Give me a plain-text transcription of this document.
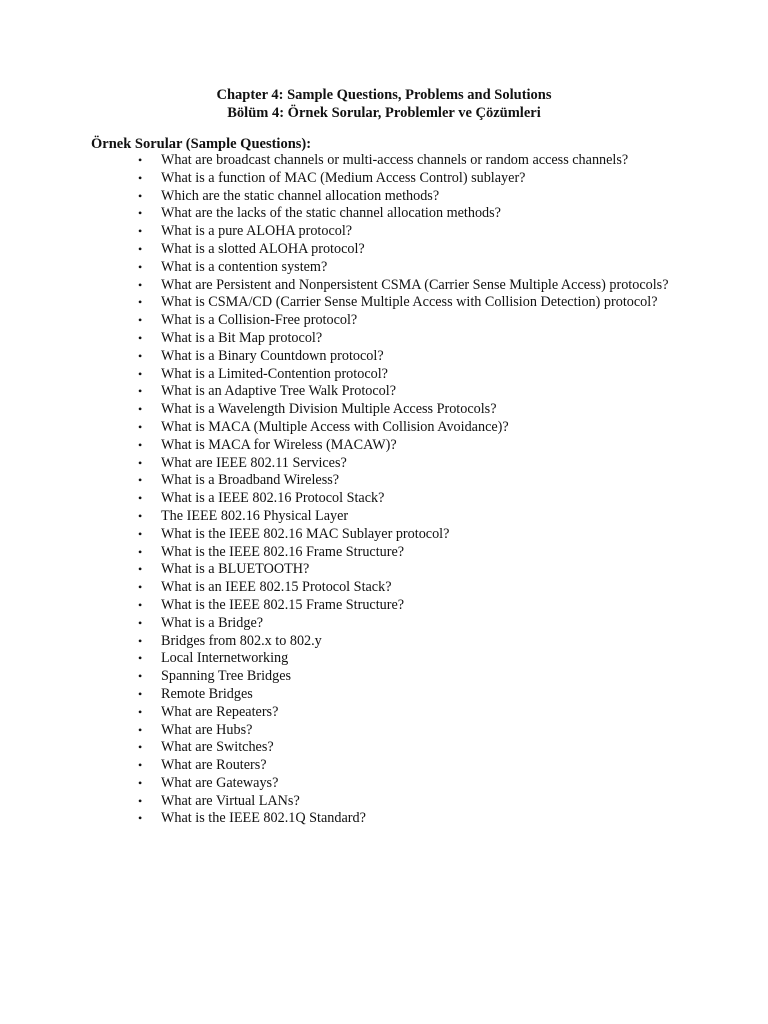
Chapter 4: Sample Questions, Problems and Solutions
Bölüm 4: Örnek Sorular, Problemler ve Çözümleri

Örnek Sorular (Sample Questions):

• What are broadcast channels or multi-access channels or random access channels?
• What is a function of MAC (Medium Access Control) sublayer?
• Which are the static channel allocation methods?
• What are the lacks of the static channel allocation methods?
• What is a pure ALOHA protocol?
• What is a slotted ALOHA protocol?
• What is a contention system?
• What are Persistent and Nonpersistent CSMA (Carrier Sense Multiple Access) protocols?
• What is CSMA/CD (Carrier Sense Multiple Access with Collision Detection) protocol?
• What is a Collision-Free protocol?
• What is a Bit Map protocol?
• What is a Binary Countdown protocol?
• What is a Limited-Contention protocol?
• What is an Adaptive Tree Walk Protocol?
• What is a Wavelength Division Multiple Access Protocols?
• What is MACA (Multiple Access with Collision Avoidance)?
• What is MACA for Wireless (MACAW)?
• What are IEEE 802.11 Services?
• What is a Broadband Wireless?
• What is a IEEE 802.16 Protocol Stack?
• The IEEE 802.16 Physical Layer
• What is the IEEE 802.16 MAC Sublayer protocol?
• What is the IEEE 802.16 Frame Structure?
• What is a BLUETOOTH?
• What is an IEEE 802.15 Protocol Stack?
• What is the IEEE 802.15 Frame Structure?
• What is a Bridge?
• Bridges from 802.x to 802.y
• Local Internetworking
• Spanning Tree Bridges
• Remote Bridges
• What are Repeaters?
• What are Hubs?
• What are Switches?
• What are Routers?
• What are Gateways?
• What are Virtual LANs?
• What is the IEEE 802.1Q Standard?
